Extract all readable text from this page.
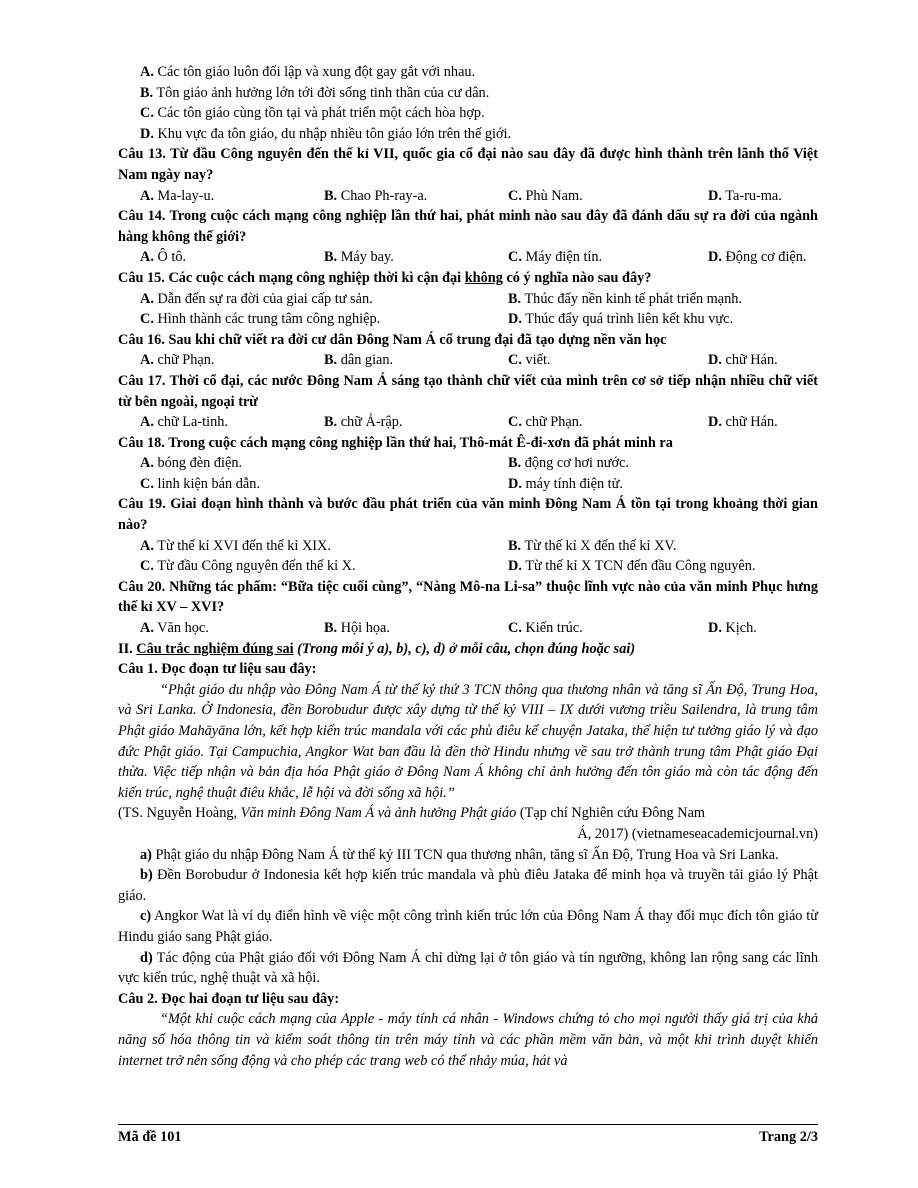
A. Các tôn giáo luôn đối lập và xung đột gay gắt với nhau.
B. Tôn giáo ảnh hưởng lớn tới đời sống tinh thần của cư dân.
C. Các tôn giáo cùng tồn tại và phát triển một cách hòa hợp.
D. Khu vực đa tôn giáo, du nhập nhiều tôn giáo lớn trên thế giới.
Câu 13. Từ đầu Công nguyên đến thế kỉ VII, quốc gia cổ đại nào sau đây đã được hình thành trên lãnh thổ Việt Nam ngày nay?
A. Ma-lay-u.	B. Chao Ph-ray-a.	C. Phù Nam.	D. Ta-ru-ma.
Câu 14. Trong cuộc cách mạng công nghiệp lần thứ hai, phát minh nào sau đây đã đánh dấu sự ra đời của ngành hàng không thế giới?
A. Ô tô.	B. Máy bay.	C. Máy điện tín.	D. Động cơ điện.
Câu 15. Các cuộc cách mạng công nghiệp thời kì cận đại không có ý nghĩa nào sau đây?
A. Dẫn đến sự ra đời của giai cấp tư sản.	B. Thúc đẩy nền kinh tế phát triển mạnh.
C. Hình thành các trung tâm công nghiệp.	D. Thúc đẩy quá trình liên kết khu vực.
Câu 16. Sau khi chữ viết ra đời cư dân Đông Nam Á cổ trung đại đã tạo dựng nền văn học
A. chữ Phạn.	B. dân gian.	C. viết.	D. chữ Hán.
Câu 17. Thời cổ đại, các nước Đông Nam Á sáng tạo thành chữ viết của mình trên cơ sở tiếp nhận nhiều chữ viết từ bên ngoài, ngoại trừ
A. chữ La-tinh.	B. chữ Ả-rập.	C. chữ Phạn.	D. chữ Hán.
Câu 18. Trong cuộc cách mạng công nghiệp lần thứ hai, Thô-mát Ê-đi-xơn đã phát minh ra
A. bóng đèn điện.	B. động cơ hơi nước.
C. linh kiện bán dẫn.	D. máy tính điện tử.
Câu 19. Giai đoạn hình thành và bước đầu phát triển của văn minh Đông Nam Á tồn tại trong khoảng thời gian nào?
A. Từ thế kỉ XVI đến thế kỉ XIX.	B. Từ thế kỉ X đến thế kỉ XV.
C. Từ đầu Công nguyên đến thế kỉ X.	D. Từ thế kỉ X TCN đến đầu Công nguyên.
Câu 20. Những tác phẩm: “Bữa tiệc cuối cùng”, “Nàng Mô-na Li-sa” thuộc lĩnh vực nào của văn minh Phục hưng thế kỉ XV – XVI?
A. Văn học.	B. Hội họa.	C. Kiến trúc.	D. Kịch.
II. Câu trắc nghiệm đúng sai (Trong mỗi ý a), b), c), d) ở mỗi câu, chọn đúng hoặc sai)
Câu 1. Đọc đoạn tư liệu sau đây:
“Phật giáo du nhập vào Đông Nam Á từ thế kỷ thứ 3 TCN thông qua thương nhân và tăng sĩ Ấn Độ, Trung Hoa, và Sri Lanka. Ở Indonesia, đền Borobudur được xây dựng từ thế kỷ VIII – IX dưới vương triều Sailendra, là trung tâm Phật giáo Mahāyāna lớn, kết hợp kiến trúc mandala với các phù điêu kể chuyện Jataka, thể hiện tư tưởng giáo lý và đạo đức Phật giáo. Tại Campuchia, Angkor Wat ban đầu là đền thờ Hindu nhưng về sau trở thành trung tâm Phật giáo Đại thừa. Việc tiếp nhận và bản địa hóa Phật giáo ở Đông Nam Á không chỉ ảnh hưởng đến tôn giáo mà còn tác động đến kiến trúc, nghệ thuật điêu khắc, lễ hội và đời sống xã hội.”
(TS. Nguyễn Hoàng, Văn minh Đông Nam Á và ảnh hưởng Phật giáo (Tạp chí Nghiên cứu Đông Nam
Á, 2017) (vietnameseacademicjournal.vn)
a) Phật giáo du nhập Đông Nam Á từ thế kỷ III TCN qua thương nhân, tăng sĩ Ấn Độ, Trung Hoa và Sri Lanka.
b) Đền Borobudur ở Indonesia kết hợp kiến trúc mandala và phù điêu Jataka để minh họa và truyền tải giáo lý Phật giáo.
c) Angkor Wat là ví dụ điển hình về việc một công trình kiến trúc lớn của Đông Nam Á thay đổi mục đích tôn giáo từ Hindu giáo sang Phật giáo.
d) Tác động của Phật giáo đối với Đông Nam Á chỉ dừng lại ở tôn giáo và tín ngưỡng, không lan rộng sang các lĩnh vực kiến trúc, nghệ thuật và xã hội.
Câu 2. Đọc hai đoạn tư liệu sau đây:
“Một khi cuộc cách mạng của Apple - máy tính cá nhân - Windows chứng tỏ cho mọi người thấy giá trị của khả năng số hóa thông tin và kiểm soát thông tin trên máy tính và các phần mềm văn bản, và một khi trình duyệt khiến internet trở nên sống động và cho phép các trang web có thể nhảy múa, hát và
Mã đề 101	Trang 2/3
